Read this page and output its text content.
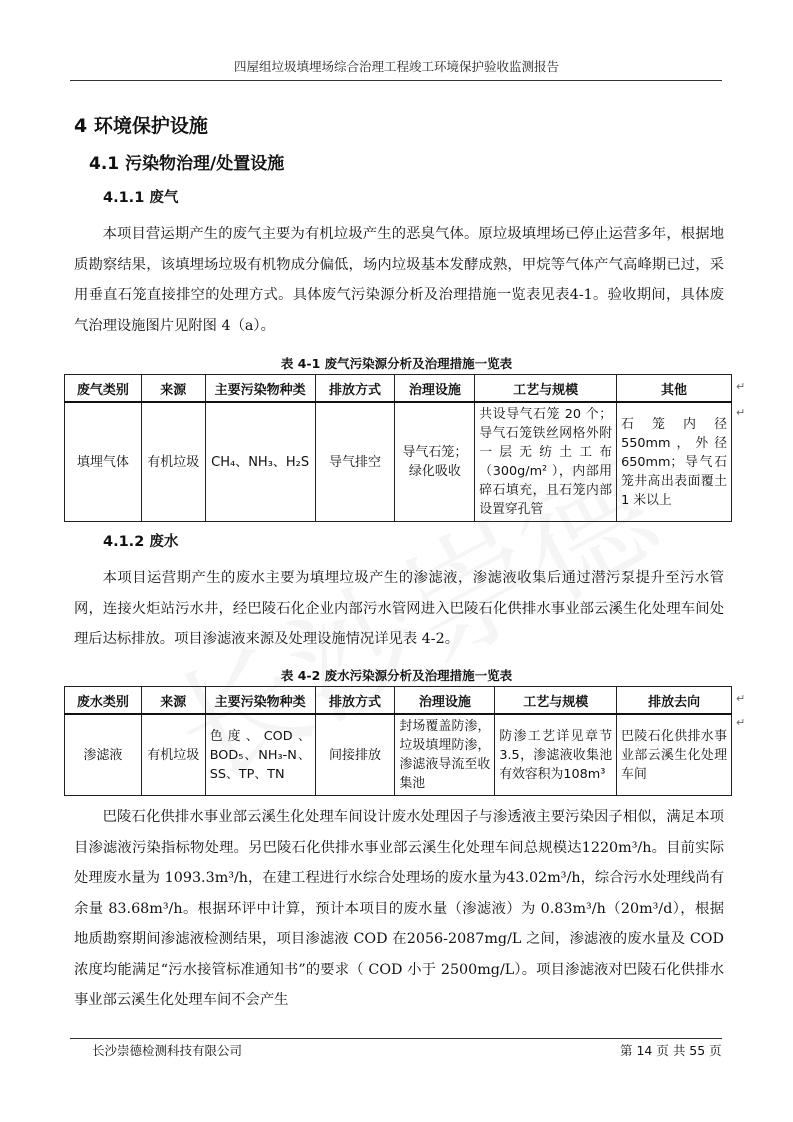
四屋组垃圾填埋场综合治理工程竣工环境保护验收监测报告
4 环境保护设施
4.1 污染物治理/处置设施
4.1.1 废气

本项目营运期产生的废气主要为有机垃圾产生的恶臭气体。原垃圾填埋场已停止运营多年，根据地质勘察结果，该填埋场垃圾有机物成分偏低，场内垃圾基本发酵成熟，甲烷等气体产气高峰期已过，采用垂直石笼直接排空的处理方式。具体废气污染源分析及治理措施一览表见表4-1。验收期间，具体废气治理设施图片见附图 4（a）。

表 4-1 废气污染源分析及治理措施一览表
废气类别	来源	主要污染物种类	排放方式	治理设施	工艺与规模	其他
填埋气体	有机垃圾	CH₄、NH₃、H₂S	导气排空	导气石笼；绿化吸收	共设导气石笼 20 个；导气石笼铁丝网格外附一层无纺土工布（300g/m² ），内部用碎石填充，且石笼内部设置穿孔管	石笼内径550mm，外径650mm；导气石笼井高出表面覆土 1 米以上
↵
↵
4.1.2 废水

本项目运营期产生的废水主要为填埋垃圾产生的渗滤液，渗滤液收集后通过潜污泵提升至污水管网，连接火炬站污水井，经巴陵石化企业内部污水管网进入巴陵石化供排水事业部云溪生化处理车间处理后达标排放。项目渗滤液来源及处理设施情况详见表 4-2。

表 4-2 废水污染源分析及治理措施一览表
废水类别	来源	主要污染物种类	排放方式	治理设施	工艺与规模	排放去向
渗滤液	有机垃圾	色度、COD、BOD₅、NH₃-N、SS、TP、TN	间接排放	封场覆盖防渗，垃圾填埋防渗，渗滤液导流至收集池	防渗工艺详见章节 3.5，渗滤液收集池有效容积为108m³	巴陵石化供排水事业部云溪生化处理车间
↵
↵

巴陵石化供排水事业部云溪生化处理车间设计废水处理因子与渗透液主要污染因子相似，满足本项目渗滤液污染指标物处理。另巴陵石化供排水事业部云溪生化处理车间总规模达1220m³/h。目前实际处理废水量为 1093.3m³/h，在建工程进行水综合处理场的废水量为43.02m³/h，综合污水处理线尚有余量 83.68m³/h。根据环评中计算，预计本项目的废水量（渗滤液）为 0.83m³/h（20m³/d），根据地质勘察期间渗滤液检测结果，项目渗滤液 COD 在2056-2087mg/L 之间，渗滤液的废水量及 COD浓度均能满足“污水接管标准通知书”的要求（ COD 小于 2500mg/L）。项目渗滤液对巴陵石化供排水事业部云溪生化处理车间不会产生

长沙崇德检测科技有限公司	第 14 页 共 55 页
